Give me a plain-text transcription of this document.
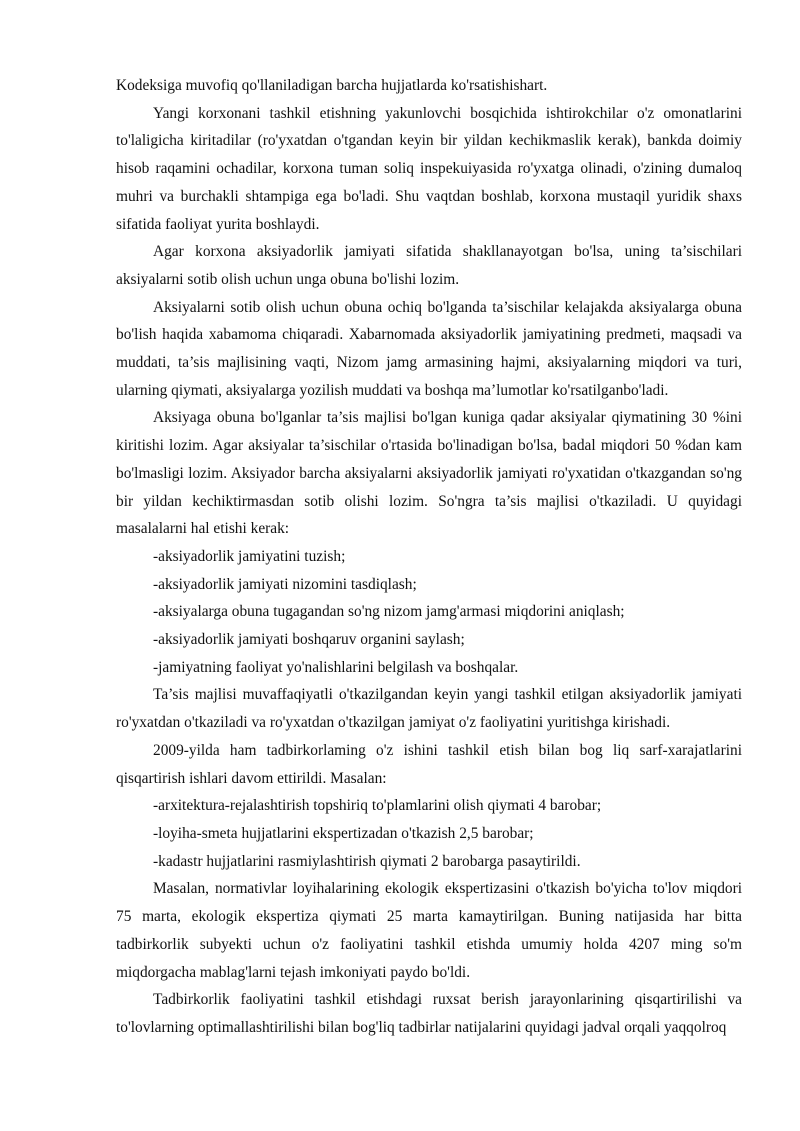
Kodeksiga muvofiq qo'llaniladigan barcha hujjatlarda ko'rsatishishart.

Yangi korxonani tashkil etishning yakunlovchi bosqichida ishtirokchilar o'z omonatlarini to'laligicha kiritadilar (ro'yxatdan o'tgandan keyin bir yildan kechikmaslik kerak), bankda doimiy hisob raqamini ochadilar, korxona tuman soliq inspekuiyasida ro'yxatga olinadi, o'zining dumaloq muhri va burchakli shtampiga ega bo'ladi. Shu vaqtdan boshlab, korxona mustaqil yuridik shaxs sifatida faoliyat yurita boshlaydi.

Agar korxona aksiyadorlik jamiyati sifatida shakllanayotgan bo'lsa, uning ta’sischilari aksiyalarni sotib olish uchun unga obuna bo'lishi lozim.

Aksiyalarni sotib olish uchun obuna ochiq bo'lganda ta’sischilar kelajakda aksiyalarga obuna bo'lish haqida xabamoma chiqaradi. Xabarnomada aksiyadorlik jamiyatining predmeti, maqsadi va muddati, ta’sis majlisining vaqti, Nizom jamg armasining hajmi, aksiyalarning miqdori va turi, ularning qiymati, aksiyalarga yozilish muddati va boshqa ma’lumotlar ko'rsatilganbo'ladi.

Aksiyaga obuna bo'lganlar ta’sis majlisi bo'lgan kuniga qadar aksiyalar qiymatining 30 %ini kiritishi lozim. Agar aksiyalar ta’sischilar o'rtasida bo'linadigan bo'lsa, badal miqdori 50 %dan kam bo'lmasligi lozim. Aksiyador barcha aksiyalarni aksiyadorlik jamiyati ro'yxatidan o'tkazgandan so'ng bir yildan kechiktirmasdan sotib olishi lozim. So'ngra ta’sis majlisi o'tkaziladi. U quyidagi masalalarni hal etishi kerak:

-aksiyadorlik jamiyatini tuzish;

-aksiyadorlik jamiyati nizomini tasdiqlash;

-aksiyalarga obuna tugagandan so'ng nizom jamg'armasi miqdorini aniqlash;

-aksiyadorlik jamiyati boshqaruv organini saylash;

-jamiyatning faoliyat yo'nalishlarini belgilash va boshqalar.

Ta’sis majlisi muvaffaqiyatli o'tkazilgandan keyin yangi tashkil etilgan aksiyadorlik jamiyati ro'yxatdan o'tkaziladi va ro'yxatdan o'tkazilgan jamiyat o'z faoliyatini yuritishga kirishadi.

2009-yilda ham tadbirkorlaming o'z ishini tashkil etish bilan bog liq sarf-xarajatlarini qisqartirish ishlari davom ettirildi. Masalan:

-arxitektura-rejalashtirish topshiriq to'plamlarini olish qiymati 4 barobar;

-loyiha-smeta hujjatlarini ekspertizadan o'tkazish 2,5 barobar;

-kadastr hujjatlarini rasmiylashtirish qiymati 2 barobarga pasaytirildi.

Masalan, normativlar loyihalarining ekologik ekspertizasini o'tkazish bo'yicha to'lov miqdori 75 marta, ekologik ekspertiza qiymati 25 marta kamaytirilgan. Buning natijasida har bitta tadbirkorlik subyekti uchun o'z faoliyatini tashkil etishda umumiy holda 4207 ming so'm miqdorgacha mablag'larni tejash imkoniyati paydo bo'ldi.

Tadbirkorlik faoliyatini tashkil etishdagi ruxsat berish jarayonlarining qisqartirilishi va to'lovlarning optimallashtirilishi bilan bog'liq tadbirlar natijalarini quyidagi jadval orqali yaqqolroq
